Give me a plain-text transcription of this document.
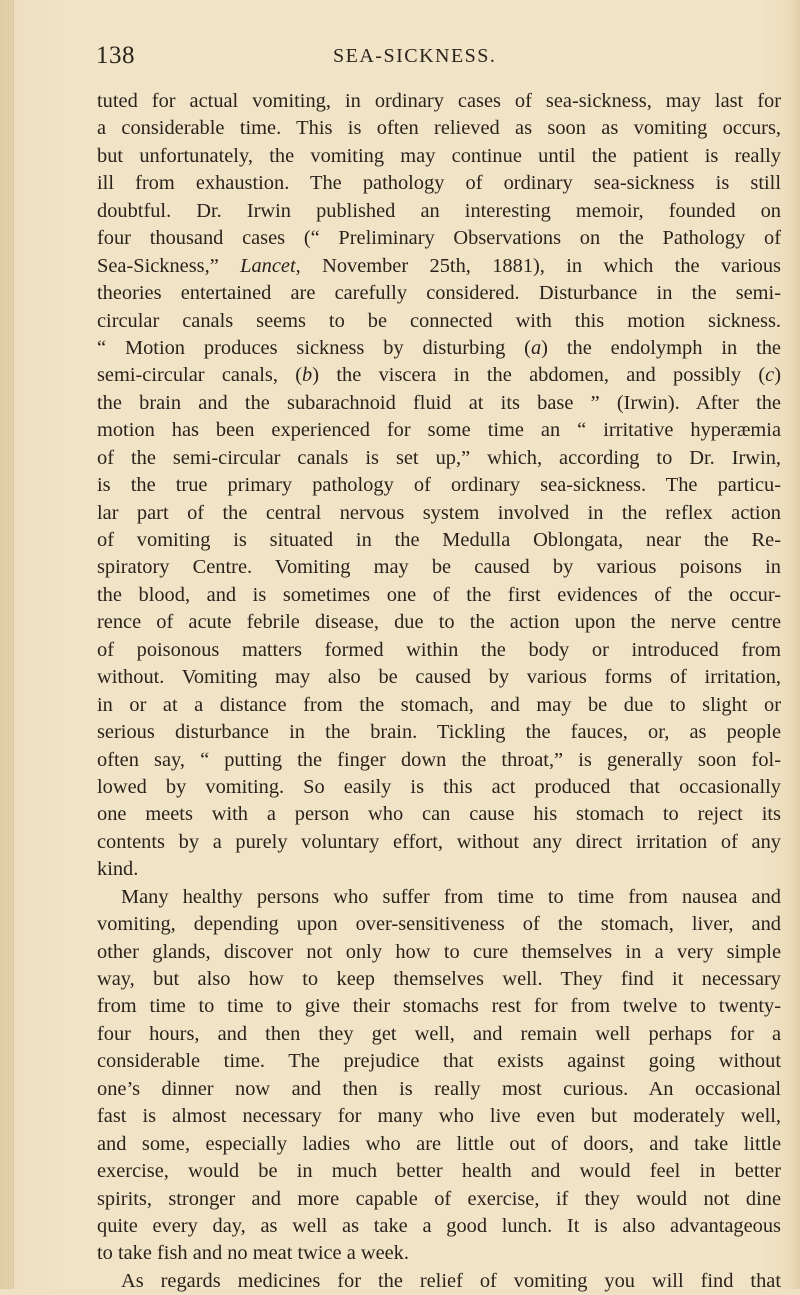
138	SEA-SICKNESS.
tuted for actual vomiting, in ordinary cases of sea-sickness, may last for
a considerable time. This is often relieved as soon as vomiting occurs,
but unfortunately, the vomiting may continue until the patient is really
ill from exhaustion. The pathology of ordinary sea-sickness is still
doubtful. Dr. Irwin published an interesting memoir, founded on
four thousand cases (“ Preliminary Observations on the Pathology of
Sea-Sickness,” Lancet, November 25th, 1881), in which the various
theories entertained are carefully considered. Disturbance in the semi-
circular canals seems to be connected with this motion sickness.
“ Motion produces sickness by disturbing (a) the endolymph in the
semi-circular canals, (b) the viscera in the abdomen, and possibly (c)
the brain and the subarachnoid fluid at its base ” (Irwin). After the
motion has been experienced for some time an “ irritative hyperæmia
of the semi-circular canals is set up,” which, according to Dr. Irwin,
is the true primary pathology of ordinary sea-sickness. The particu-
lar part of the central nervous system involved in the reflex action
of vomiting is situated in the Medulla Oblongata, near the Re-
spiratory Centre. Vomiting may be caused by various poisons in
the blood, and is sometimes one of the first evidences of the occur-
rence of acute febrile disease, due to the action upon the nerve centre
of poisonous matters formed within the body or introduced from
without. Vomiting may also be caused by various forms of irritation,
in or at a distance from the stomach, and may be due to slight or
serious disturbance in the brain. Tickling the fauces, or, as people
often say, “ putting the finger down the throat,” is generally soon fol-
lowed by vomiting. So easily is this act produced that occasionally
one meets with a person who can cause his stomach to reject its
contents by a purely voluntary effort, without any direct irritation of any
kind.
Many healthy persons who suffer from time to time from nausea and
vomiting, depending upon over-sensitiveness of the stomach, liver, and
other glands, discover not only how to cure themselves in a very simple
way, but also how to keep themselves well. They find it necessary
from time to time to give their stomachs rest for from twelve to twenty-
four hours, and then they get well, and remain well perhaps for a
considerable time. The prejudice that exists against going without
one’s dinner now and then is really most curious. An occasional
fast is almost necessary for many who live even but moderately well,
and some, especially ladies who are little out of doors, and take little
exercise, would be in much better health and would feel in better
spirits, stronger and more capable of exercise, if they would not dine
quite every day, as well as take a good lunch. It is also advantageous
to take fish and no meat twice a week.
As regards medicines for the relief of vomiting you will find that
